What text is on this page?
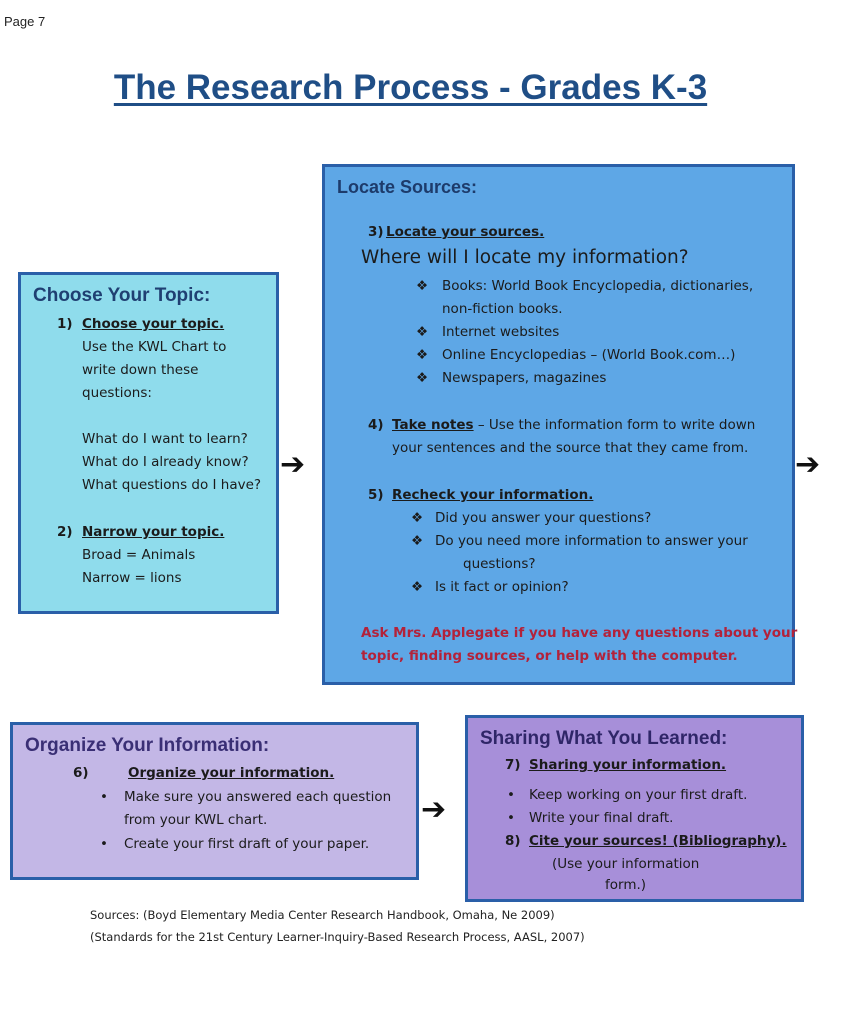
Page 7
The Research Process - Grades K-3
Choose Your Topic:
1) Choose your topic.
Use the KWL Chart to
write down these
questions:
What do I want to learn?
What do I already know?
What questions do I have?
2) Narrow your topic.
Broad = Animals
Narrow = lions
➔
Locate Sources:
3) Locate your sources.
Where will I locate my information?
❖ Books: World Book Encyclopedia, dictionaries,
non-fiction books.
❖ Internet websites
❖ Online Encyclopedias – (World Book.com…)
❖ Newspapers, magazines
4) Take notes – Use the information form to write down
your sentences and the source that they came from.
5) Recheck your information.
❖ Did you answer your questions?
❖ Do you need more information to answer your
questions?
❖ Is it fact or opinion?
Ask Mrs. Applegate if you have any questions about your
topic, finding sources, or help with the computer.
➔
Organize Your Information:
6)	Organize your information.
• Make sure you answered each question
from your KWL chart.
• Create your first draft of your paper.
➔
Sharing What You Learned:
7) Sharing your information.
• Keep working on your first draft.
• Write your final draft.
8) Cite your sources! (Bibliography).
(Use your information
form.)
Sources: (Boyd Elementary Media Center Research Handbook, Omaha, Ne 2009)
(Standards for the 21st Century Learner-Inquiry-Based Research Process, AASL, 2007)
